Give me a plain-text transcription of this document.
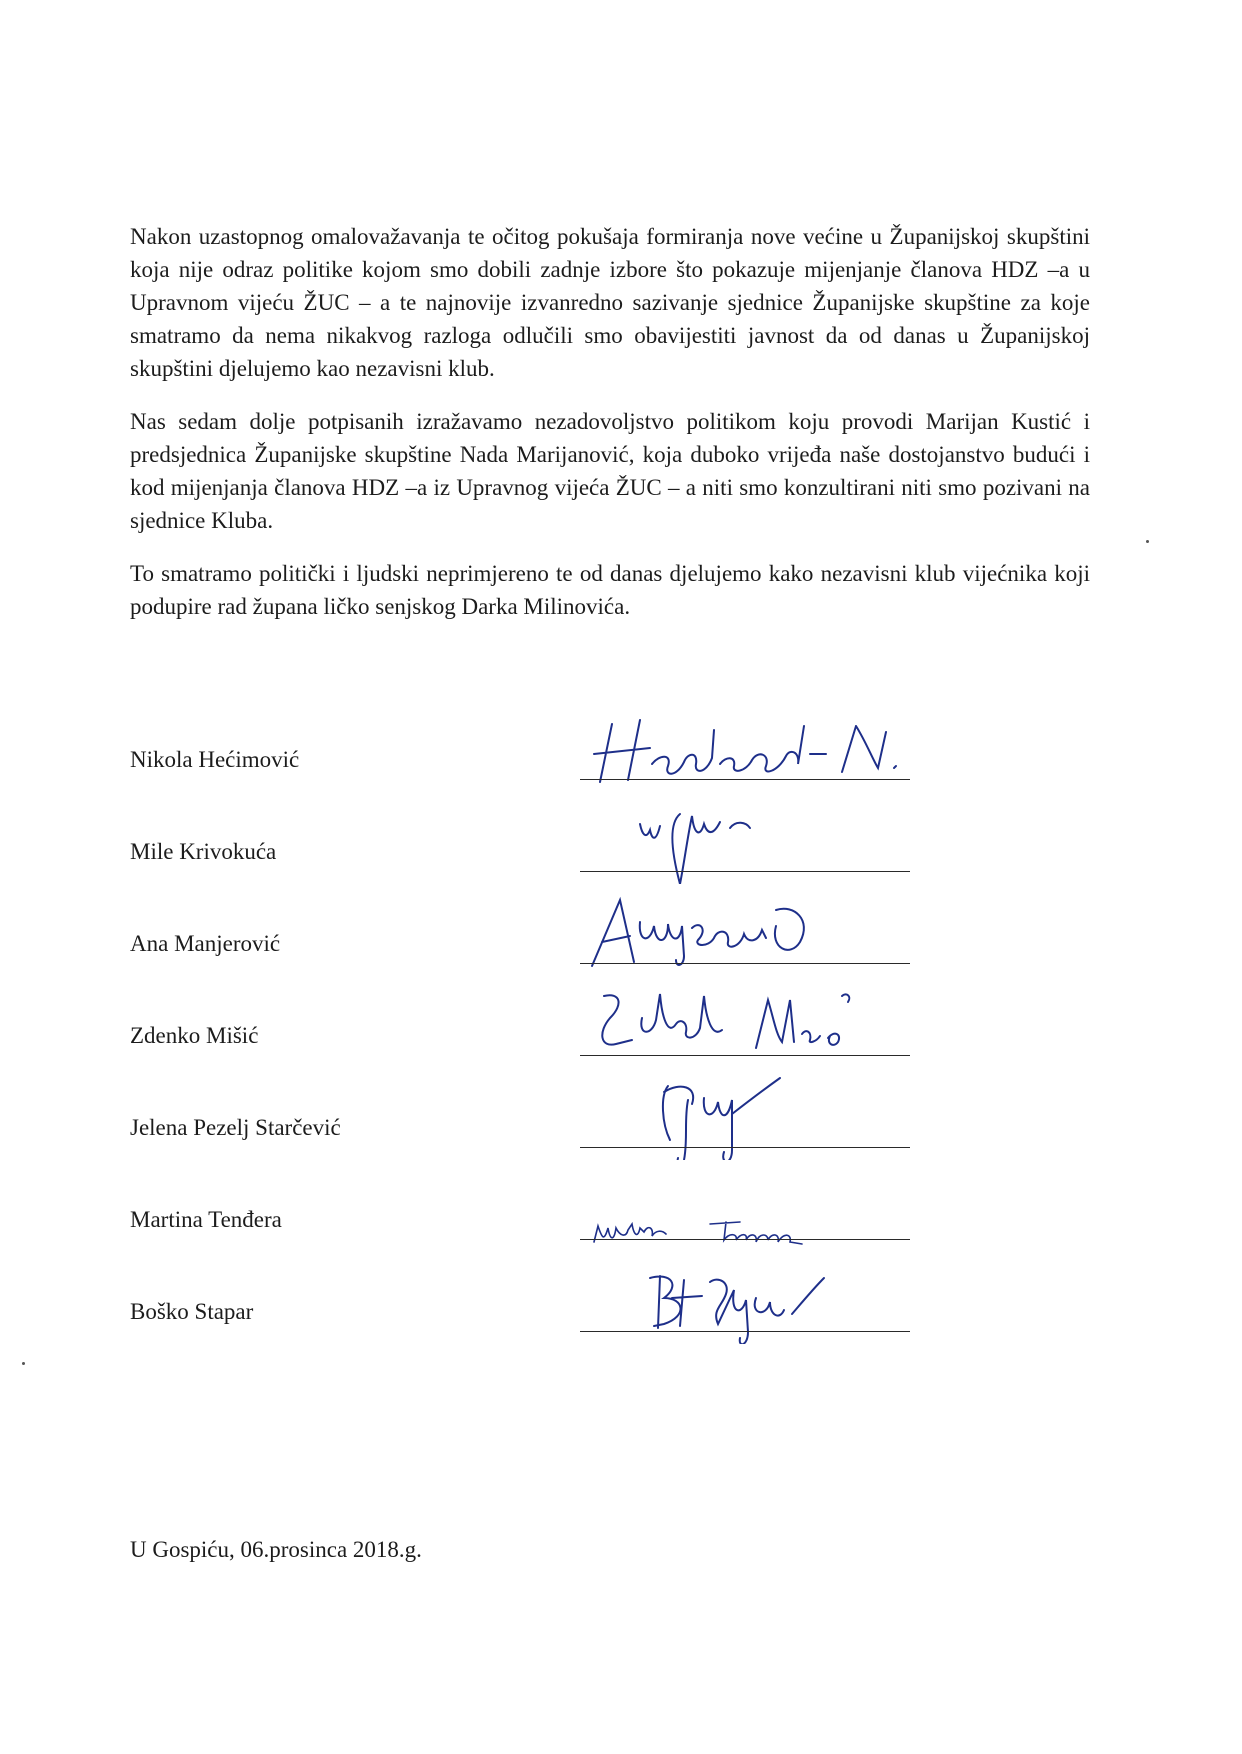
Nakon uzastopnog omalovažavanja te očitog pokušaja formiranja nove većine u Županijskoj skupštini koja nije odraz politike kojom smo dobili zadnje izbore što pokazuje mijenjanje članova HDZ –a u Upravnom vijeću ŽUC – a te najnovije izvanredno sazivanje sjednice Županijske skupštine za koje smatramo da nema nikakvog razloga odlučili smo obavijestiti javnost da od danas u Županijskoj skupštini djelujemo kao nezavisni klub.

Nas sedam dolje potpisanih izražavamo nezadovoljstvo politikom koju provodi Marijan Kustić i predsjednica Županijske skupštine Nada Marijanović, koja duboko vrijeđa naše dostojanstvo budući i kod mijenjanja članova HDZ –a iz Upravnog vijeća ŽUC – a niti smo konzultirani niti smo pozivani na sjednice Kluba.

To smatramo politički i ljudski neprimjereno te od danas djelujemo kako nezavisni klub vijećnika koji podupire rad župana ličko senjskog Darka Milinovića.

Nikola Hećimović
Mile Krivokuća
Ana Manjerović
Zdenko Mišić
Jelena Pezelj Starčević
Martina Tenđera
Boško Stapar
U Gospiću, 06.prosinca 2018.g.
